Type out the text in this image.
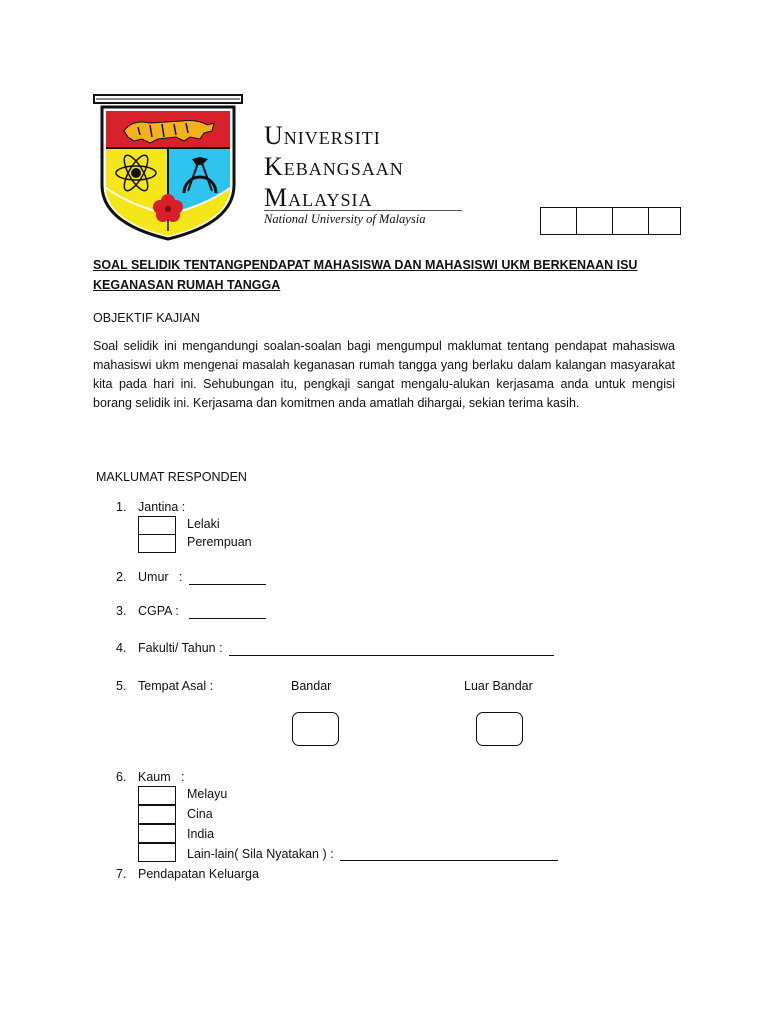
Universiti
Kebangsaan
Malaysia
National University of Malaysia
SOAL SELIDIK TENTANGPENDAPAT MAHASISWA DAN MAHASISWI UKM BERKENAAN ISU
KEGANASAN RUMAH TANGGA
OBJEKTIF KAJIAN
Soal selidik ini mengandungi soalan-soalan bagi mengumpul maklumat tentang pendapat mahasiswa mahasiswi ukm mengenai masalah keganasan rumah tangga yang berlaku dalam kalangan masyarakat kita pada hari ini. Sehubungan itu, pengkaji sangat mengalu-alukan kerjasama anda untuk mengisi borang selidik ini. Kerjasama dan komitmen anda amatlah dihargai, sekian terima kasih.
MAKLUMAT RESPONDEN
1. Jantina :
Lelaki
Perempuan
2. Umur   :
3. CGPA :
4. Fakulti/ Tahun :
5. Tempat Asal :	Bandar	Luar Bandar
6. Kaum   :
Melayu
Cina
India
Lain-lain( Sila Nyatakan ) :
7. Pendapatan Keluarga
